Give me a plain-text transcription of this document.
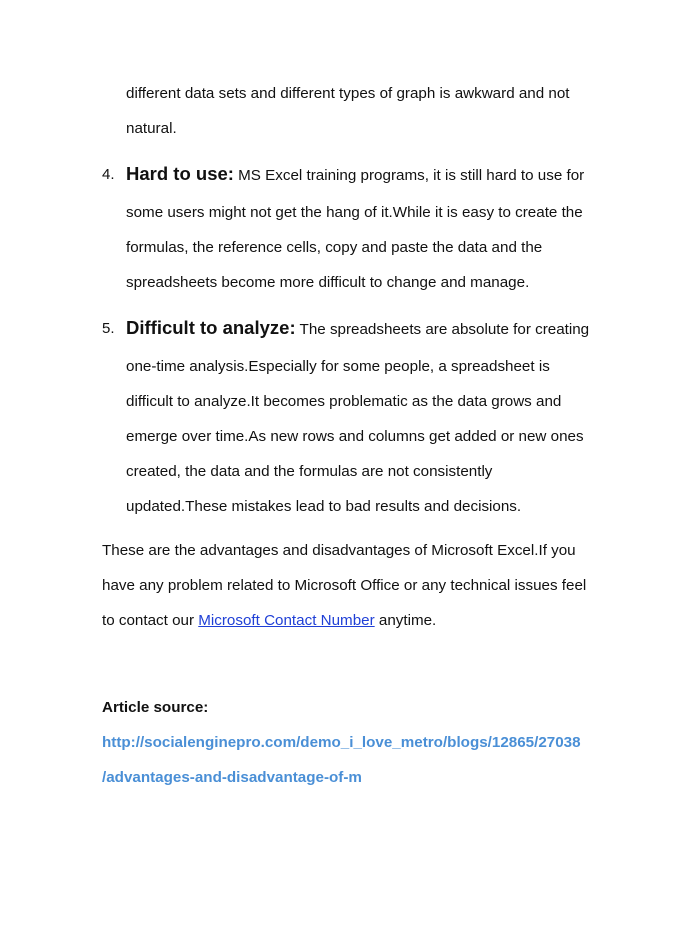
different data sets and different types of graph is awkward and not
natural.
4. Hard to use: MS Excel training programs, it is still hard to use for
some users might not get the hang of it.While it is easy to create the
formulas, the reference cells, copy and paste the data and the
spreadsheets become more difficult to change and manage.
5. Difficult to analyze: The spreadsheets are absolute for creating
one-time analysis.Especially for some people, a spreadsheet is
difficult to analyze.It becomes problematic as the data grows and
emerge over time.As new rows and columns get added or new ones
created, the data and the formulas are not consistently
updated.These mistakes lead to bad results and decisions.
These are the advantages and disadvantages of Microsoft Excel.If you
have any problem related to Microsoft Office or any technical issues feel
to contact our Microsoft Contact Number anytime.
Article source:
http://socialenginepro.com/demo_i_love_metro/blogs/12865/27038
/advantages-and-disadvantage-of-m
